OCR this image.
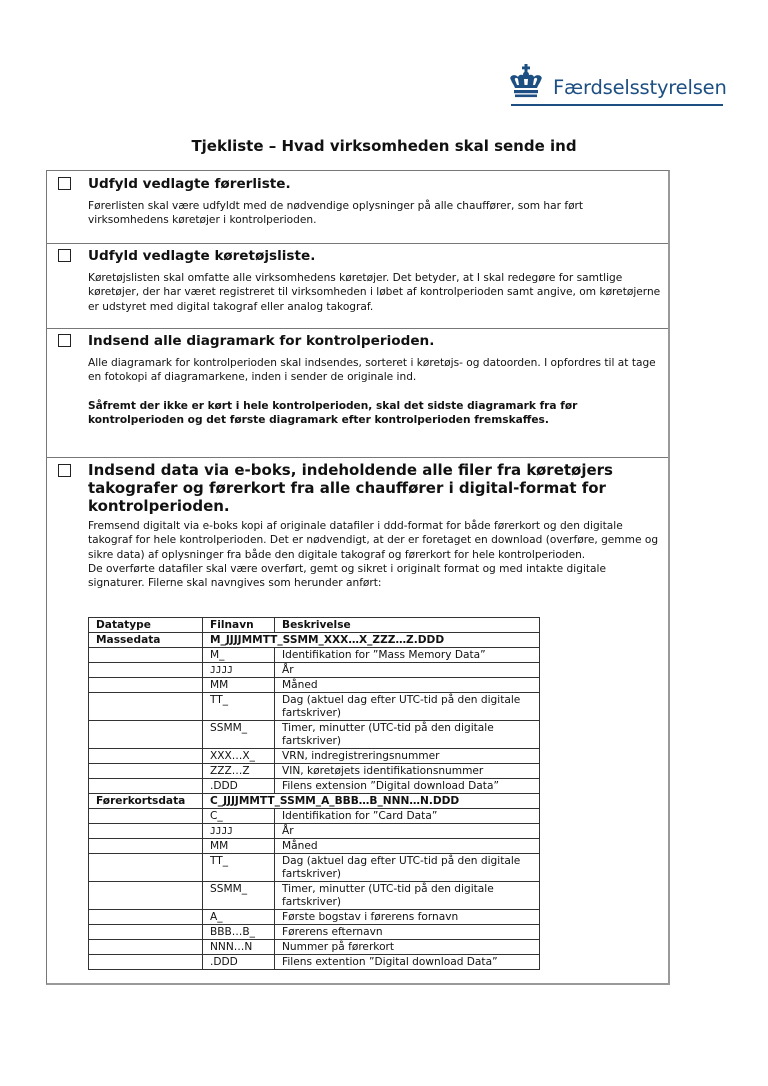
Færdselsstyrelsen
Tjekliste – Hvad virksomheden skal sende ind
Udfyld vedlagte førerliste.

Førerlisten skal være udfyldt med de nødvendige oplysninger på alle chauffører, som har ført virksomhedens køretøjer i kontrolperioden.

Udfyld vedlagte køretøjsliste.

Køretøjslisten skal omfatte alle virksomhedens køretøjer. Det betyder, at I skal redegøre for samtlige køretøjer, der har været registreret til virksomheden i løbet af kontrolperioden samt angive, om køretøjerne er udstyret med digital takograf eller analog takograf.

Indsend alle diagramark for kontrolperioden.

Alle diagramark for kontrolperioden skal indsendes, sorteret i køretøjs- og datoorden. I opfordres til at tage en fotokopi af diagramarkene, inden i sender de originale ind.

Såfremt der ikke er kørt i hele kontrolperioden, skal det sidste diagramark fra før kontrolperioden og det første diagramark efter kontrolperioden fremskaffes.

Indsend data via e-boks, indeholdende alle filer fra køretøjers takografer og førerkort fra alle chauffører i digital-format for kontrolperioden.

Fremsend digitalt via e-boks kopi af originale datafiler i ddd-format for både førerkort og den digitale takograf for hele kontrolperioden. Det er nødvendigt, at der er foretaget en download (overføre, gemme og sikre data) af oplysninger fra både den digitale takograf og førerkort for hele kontrolperioden.

De overførte datafiler skal være overført, gemt og sikret i originalt format og med intakte digitale signaturer. Filerne skal navngives som herunder anført:

Datatype	Filnavn	Beskrivelse
Massedata	M_JJJJMMTT_SSMM_XXX…X_ZZZ…Z.DDD	
	M_	Identifikation for ”Mass Memory Data”
	JJJJ	År
	MM	Måned
	TT_	Dag (aktuel dag efter UTC-tid på den digitale fartskriver)
	SSMM_	Timer, minutter (UTC-tid på den digitale fartskriver)
	XXX…X_	VRN, indregistreringsnummer
	ZZZ…Z	VIN, køretøjets identifikationsnummer
	.DDD	Filens extension ”Digital download Data”
Førerkortsdata	C_JJJJMMTT_SSMM_A_BBB…B_NNN…N.DDD	
	C_	Identifikation for ”Card Data”
	JJJJ	År
	MM	Måned
	TT_	Dag (aktuel dag efter UTC-tid på den digitale fartskriver)
	SSMM_	Timer, minutter (UTC-tid på den digitale fartskriver)
	A_	Første bogstav i førerens fornavn
	BBB…B_	Førerens efternavn
	NNN…N	Nummer på førerkort
	.DDD	Filens extention ”Digital download Data”
